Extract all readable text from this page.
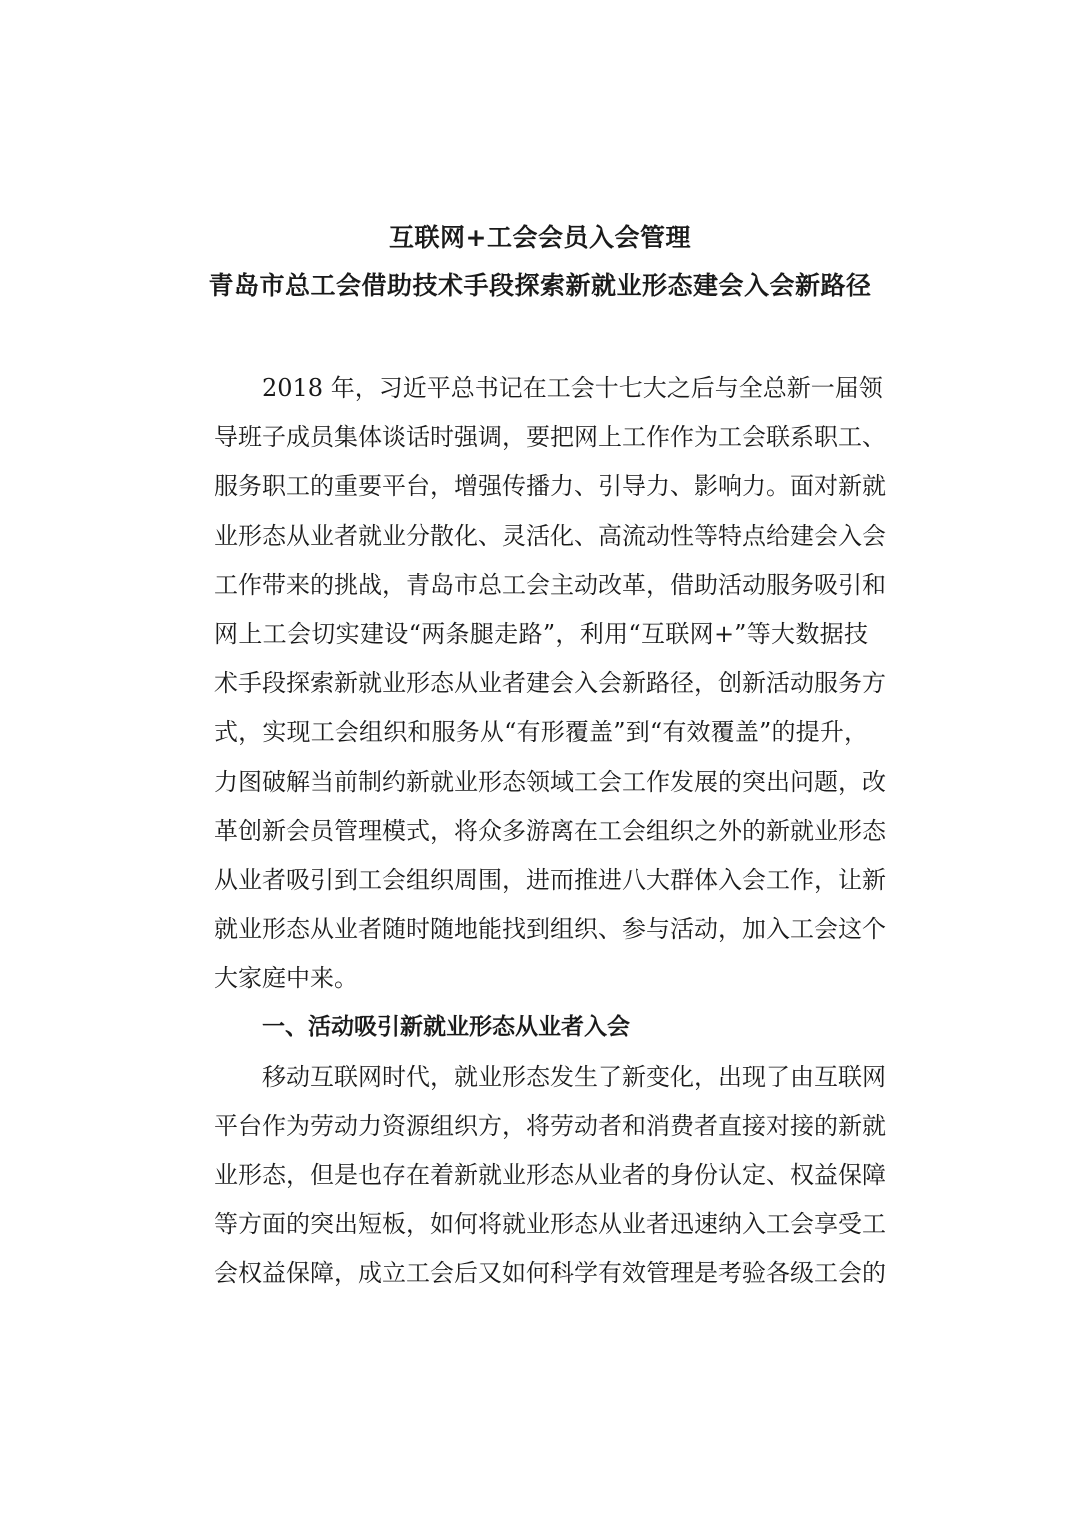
互联网+工会会员入会管理
青岛市总工会借助技术手段探索新就业形态建会入会新路径
2018 年，习近平总书记在工会十七大之后与全总新一届领
导班子成员集体谈话时强调，要把网上工作作为工会联系职工、
服务职工的重要平台，增强传播力、引导力、影响力。面对新就
业形态从业者就业分散化、灵活化、高流动性等特点给建会入会
工作带来的挑战，青岛市总工会主动改革，借助活动服务吸引和
网上工会切实建设“两条腿走路”，利用“互联网+”等大数据技
术手段探索新就业形态从业者建会入会新路径，创新活动服务方
式，实现工会组织和服务从“有形覆盖”到“有效覆盖”的提升，
力图破解当前制约新就业形态领域工会工作发展的突出问题，改
革创新会员管理模式，将众多游离在工会组织之外的新就业形态
从业者吸引到工会组织周围，进而推进八大群体入会工作，让新
就业形态从业者随时随地能找到组织、参与活动，加入工会这个
大家庭中来。
一、活动吸引新就业形态从业者入会
移动互联网时代，就业形态发生了新变化，出现了由互联网
平台作为劳动力资源组织方，将劳动者和消费者直接对接的新就
业形态，但是也存在着新就业形态从业者的身份认定、权益保障
等方面的突出短板，如何将就业形态从业者迅速纳入工会享受工
会权益保障，成立工会后又如何科学有效管理是考验各级工会的
